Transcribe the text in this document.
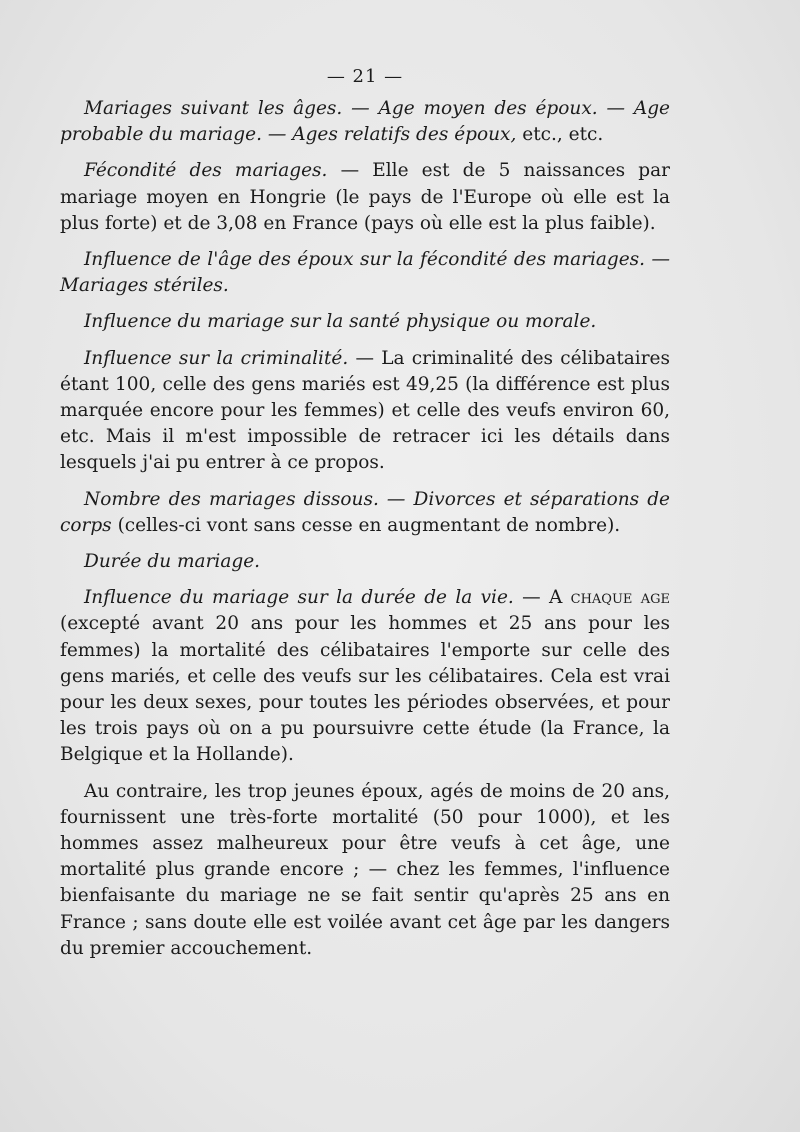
— 21 —

Mariages suivant les âges. — Age moyen des époux. — Age probable du mariage. — Ages relatifs des époux, etc., etc.

Fécondité des mariages. — Elle est de 5 naissances par mariage moyen en Hongrie (le pays de l'Europe où elle est la plus forte) et de 3,08 en France (pays où elle est la plus faible).

Influence de l'âge des époux sur la fécondité des mariages. — Mariages stériles.

Influence du mariage sur la santé physique ou morale.

Influence sur la criminalité. — La criminalité des célibataires étant 100, celle des gens mariés est 49,25 (la différence est plus marquée encore pour les femmes) et celle des veufs environ 60, etc. Mais il m'est impossible de retracer ici les détails dans lesquels j'ai pu entrer à ce propos.

Nombre des mariages dissous. — Divorces et séparations de corps (celles-ci vont sans cesse en augmentant de nombre).

Durée du mariage.

Influence du mariage sur la durée de la vie. — A chaque age (excepté avant 20 ans pour les hommes et 25 ans pour les femmes) la mortalité des célibataires l'emporte sur celle des gens mariés, et celle des veufs sur les célibataires. Cela est vrai pour les deux sexes, pour toutes les périodes observées, et pour les trois pays où on a pu poursuivre cette étude (la France, la Belgique et la Hollande).

Au contraire, les trop jeunes époux, agés de moins de 20 ans, fournissent une très-forte mortalité (50 pour 1000), et les hommes assez malheureux pour être veufs à cet âge, une mortalité plus grande encore ; — chez les femmes, l'influence bienfaisante du mariage ne se fait sentir qu'après 25 ans en France ; sans doute elle est voilée avant cet âge par les dangers du premier accouchement.
